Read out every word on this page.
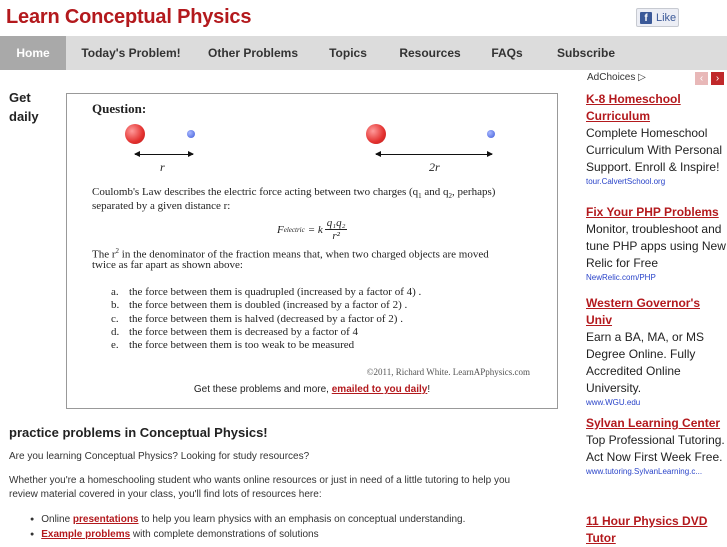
Learn Conceptual Physics	f Like
Home	Today's Problem!	Other Problems	Topics	Resources	FAQs	Subscribe
Get
daily
Question:
r	2r
Coulomb's Law describes the electric force acting between two charges ($q_1$ and $q_2$, perhaps)
separated by a given distance r:
F electric = k $\frac{\text{q₁q₂}}{\text{r²}}$
The $r^2$ in the denominator of the fraction means that, when two charged objects are moved
twice as far apart as shown above:
a. the force between them is quadrupled (increased by a factor of 4) .
b. the force between them is doubled (increased by a factor of 2) .
c. the force between them is halved (decreased by a factor of 2) .
d. the force between them is decreased by a factor of 4
e. the force between them is too weak to be measured
©2011, Richard White. LearnAPphysics.com
Get these problems and more, emailed to you daily!
practice problems in Conceptual Physics!
Are you learning Conceptual Physics? Looking for study resources?
Whether you're a homeschooling student who wants online resources or just in need of a little tutoring to help you review material covered in your class, you'll find lots of resources here:
● Online presentations to help you learn physics with an emphasis on conceptual understanding.
● Example problems with complete demonstrations of solutions
AdChoices ▷	‹	›
K-8 Homeschool Curriculum
Complete Homeschool Curriculum With Personal Support. Enroll & Inspire!
tour.CalvertSchool.org
Fix Your PHP Problems
Monitor, troubleshoot and tune PHP apps using New Relic for Free
NewRelic.com/PHP
Western Governor's Univ
Earn a BA, MA, or MS Degree Online. Fully Accredited Online University.
www.WGU.edu
Sylvan Learning Center
Top Professional Tutoring. Act Now First Week Free.
www.tutoring.SylvanLearning.c...
11 Hour Physics DVD Tutor
